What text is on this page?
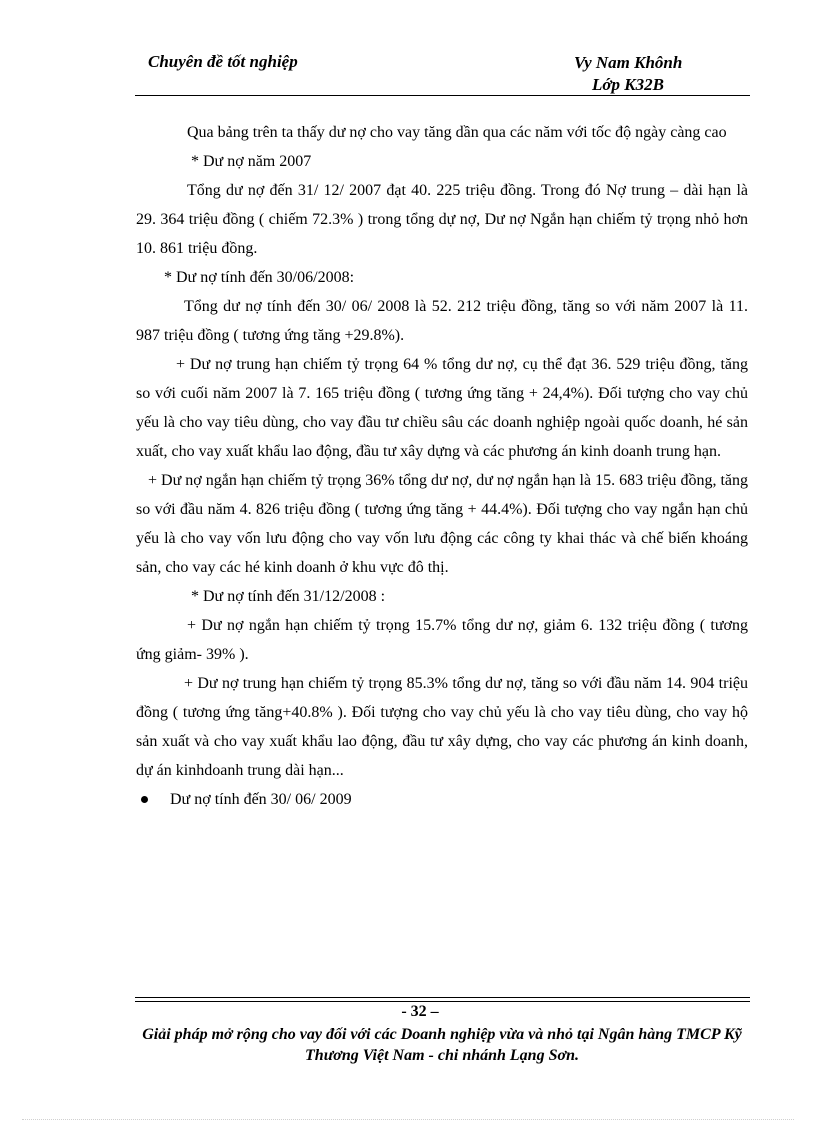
Chuyên đề tốt nghiệp	Vy Nam Khônh
Lớp K32B

Qua bảng trên ta thấy dư nợ cho vay tăng dần qua các năm với tốc độ ngày càng cao

* Dư nợ năm 2007

Tổng dư nợ đến 31/ 12/ 2007 đạt 40. 225 triệu đồng. Trong đó Nợ trung – dài hạn là 29. 364 triệu đồng ( chiếm 72.3% ) trong tổng dự nợ, Dư nợ Ngắn hạn chiếm tỷ trọng nhỏ hơn 10. 861 triệu đồng.

* Dư nợ tính đến 30/06/2008:

Tổng dư nợ tính đến 30/ 06/ 2008 là 52. 212 triệu đồng, tăng so với năm 2007 là 11. 987 triệu đồng ( tương ứng tăng +29.8%).

+ Dư nợ trung hạn chiếm tỷ trọng 64 % tổng dư nợ, cụ thể đạt 36. 529 triệu đồng, tăng so với cuối năm 2007 là 7. 165 triệu đồng ( tương ứng tăng + 24,4%). Đối tượng cho vay chủ yếu là cho vay tiêu dùng, cho vay đầu tư chiều sâu các doanh nghiệp ngoài quốc doanh, hé sản xuất, cho vay xuất khẩu lao động, đầu tư xây dựng và các phương án kinh doanh trung hạn.

+ Dư nợ ngắn hạn chiếm tỷ trọng 36% tổng dư nợ, dư nợ ngắn hạn là 15. 683 triệu đồng, tăng so với đầu năm 4. 826 triệu đồng ( tương ứng tăng + 44.4%). Đối tượng cho vay ngắn hạn chủ yếu là cho vay vốn lưu động cho vay vốn lưu động các công ty khai thác và chế biến khoáng sản, cho vay các hé kinh doanh ở khu vực đô thị.

* Dư nợ tính đến 31/12/2008 :

+ Dư nợ ngắn hạn chiếm tỷ trọng 15.7% tổng dư nợ, giảm 6. 132 triệu đồng ( tương ứng giảm- 39% ).

+ Dư nợ trung hạn chiếm tỷ trọng 85.3% tổng dư nợ, tăng so với đầu năm 14. 904 triệu đồng ( tương ứng tăng+40.8% ). Đối tượng cho vay chủ yếu là cho vay tiêu dùng, cho vay hộ sản xuất và cho vay xuất khẩu lao động, đầu tư xây dựng, cho vay các phương án kinh doanh, dự án kinhdoanh trung dài hạn...

Dư nợ tính đến 30/ 06/ 2009
- 32 –
Giải pháp mở rộng cho vay đối với các Doanh nghiệp vừa và nhỏ tại Ngân hàng TMCP Kỹ Thương Việt Nam - chi nhánh Lạng Sơn.
